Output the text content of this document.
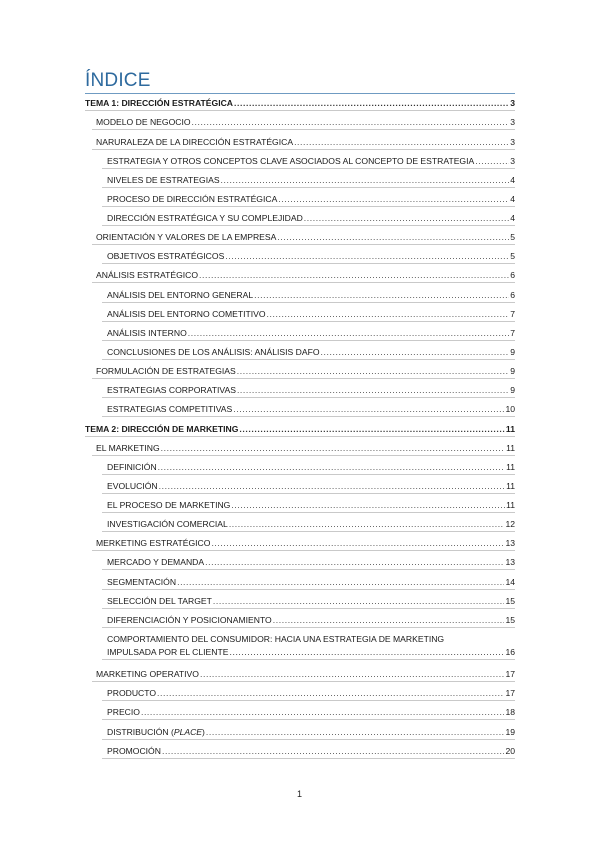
ÍNDICE
TEMA 1: DIRECCIÓN ESTRATÉGICA .....	3
MODELO DE NEGOCIO .....	3
NARURALEZA DE LA DIRECCIÓN ESTRATÉGICA .....	3
ESTRATEGIA Y OTROS CONCEPTOS CLAVE ASOCIADOS AL CONCEPTO DE ESTRATEGIA .....	3
NIVELES DE ESTRATEGIAS .....	4
PROCESO DE DIRECCIÓN ESTRATÉGICA .....	4
DIRECCIÓN ESTRATÉGICA Y SU COMPLEJIDAD .....	4
ORIENTACIÓN Y VALORES DE LA EMPRESA .....	5
OBJETIVOS ESTRATÉGICOS .....	5
ANÁLISIS ESTRATÉGICO .....	6
ANÁLISIS DEL ENTORNO GENERAL .....	6
ANÁLISIS DEL ENTORNO COMETITIVO .....	7
ANÁLISIS INTERNO .....	7
CONCLUSIONES DE LOS ANÁLISIS: ANÁLISIS DAFO .....	9
FORMULACIÓN DE ESTRATEGIAS .....	9
ESTRATEGIAS CORPORATIVAS .....	9
ESTRATEGIAS COMPETITIVAS .....	10
TEMA 2: DIRECCIÓN DE MARKETING .....	11
EL MARKETING .....	11
DEFINICIÓN .....	11
EVOLUCIÓN .....	11
EL PROCESO DE MARKETING .....	11
INVESTIGACIÓN COMERCIAL .....	12
MERKETING ESTRATÉGICO .....	13
MERCADO Y DEMANDA .....	13
SEGMENTACIÓN .....	14
SELECCIÓN DEL TARGET .....	15
DIFERENCIACIÓN Y POSICIONAMIENTO .....	15
COMPORTAMIENTO DEL CONSUMIDOR: HACIA UNA ESTRATEGIA DE MARKETING
IMPULSADA POR EL CLIENTE .....	16
MARKETING OPERATIVO .....	17
PRODUCTO .....	17
PRECIO .....	18
DISTRIBUCIÓN (PLACE) .....	19
PROMOCIÓN .....	20
1
